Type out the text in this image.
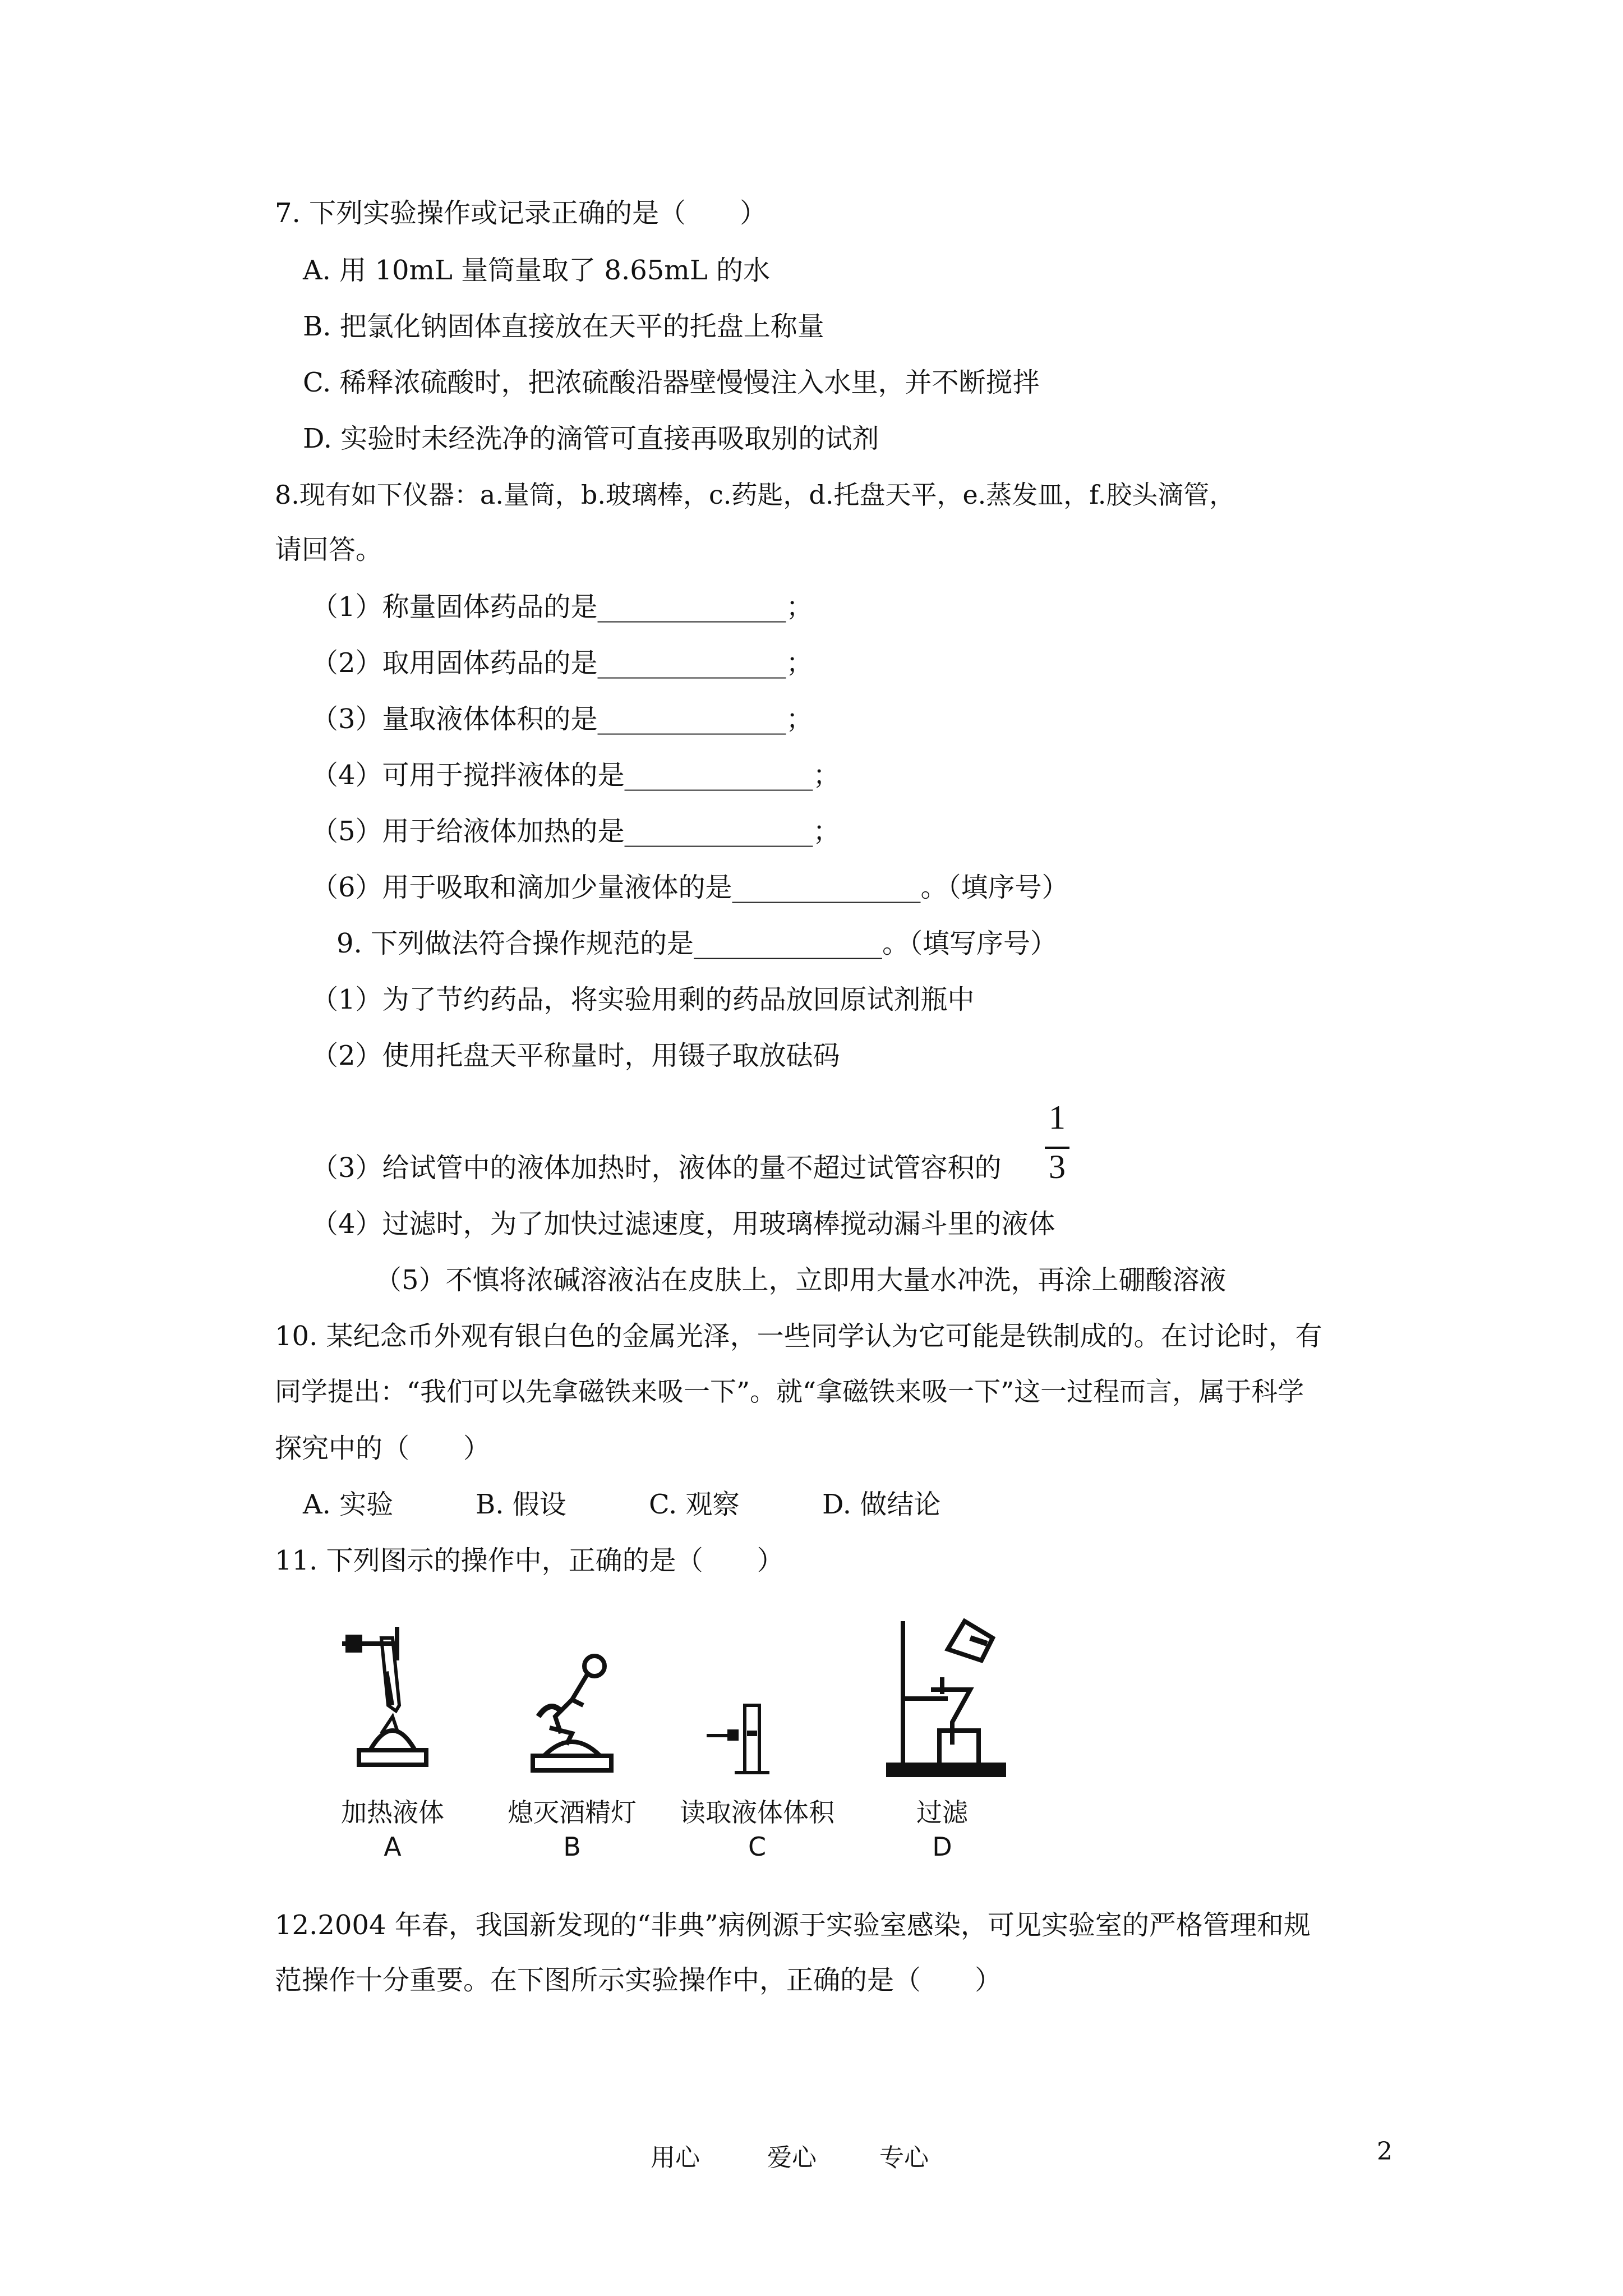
7. 下列实验操作或记录正确的是（　　）
A. 用 10mL 量筒量取了 8.65mL 的水
B. 把氯化钠固体直接放在天平的托盘上称量
C. 稀释浓硫酸时，把浓硫酸沿器壁慢慢注入水里，并不断搅拌
D. 实验时未经洗净的滴管可直接再吸取别的试剂
8.现有如下仪器：a.量筒，b.玻璃棒，c.药匙，d.托盘天平，e.蒸发皿，f.胶头滴管，
请回答。
（1）称量固体药品的是______________；
（2）取用固体药品的是______________；
（3）量取液体体积的是______________；
（4）可用于搅拌液体的是______________；
（5）用于给液体加热的是______________；
（6）用于吸取和滴加少量液体的是______________。（填序号）
9. 下列做法符合操作规范的是______________。（填写序号）
（1）为了节约药品，将实验用剩的药品放回原试剂瓶中
（2）使用托盘天平称量时，用镊子取放砝码
（3）给试管中的液体加热时，液体的量不超过试管容积的
1
3
（4）过滤时，为了加快过滤速度，用玻璃棒搅动漏斗里的液体
（5）不慎将浓碱溶液沾在皮肤上，立即用大量水冲洗，再涂上硼酸溶液
10. 某纪念币外观有银白色的金属光泽，一些同学认为它可能是铁制成的。在讨论时，有
同学提出：“我们可以先拿磁铁来吸一下”。就“拿磁铁来吸一下”这一过程而言，属于科学
探究中的（　　）
A. 实验	B. 假设	C. 观察	D. 做结论
11. 下列图示的操作中，正确的是（　　）
加热液体
A
熄灭酒精灯
B
读取液体体积
C
过滤
D
12.2004 年春，我国新发现的“非典”病例源于实验室感染，可见实验室的严格管理和规
范操作十分重要。在下图所示实验操作中，正确的是（　　）
用心	爱心	专心	2
